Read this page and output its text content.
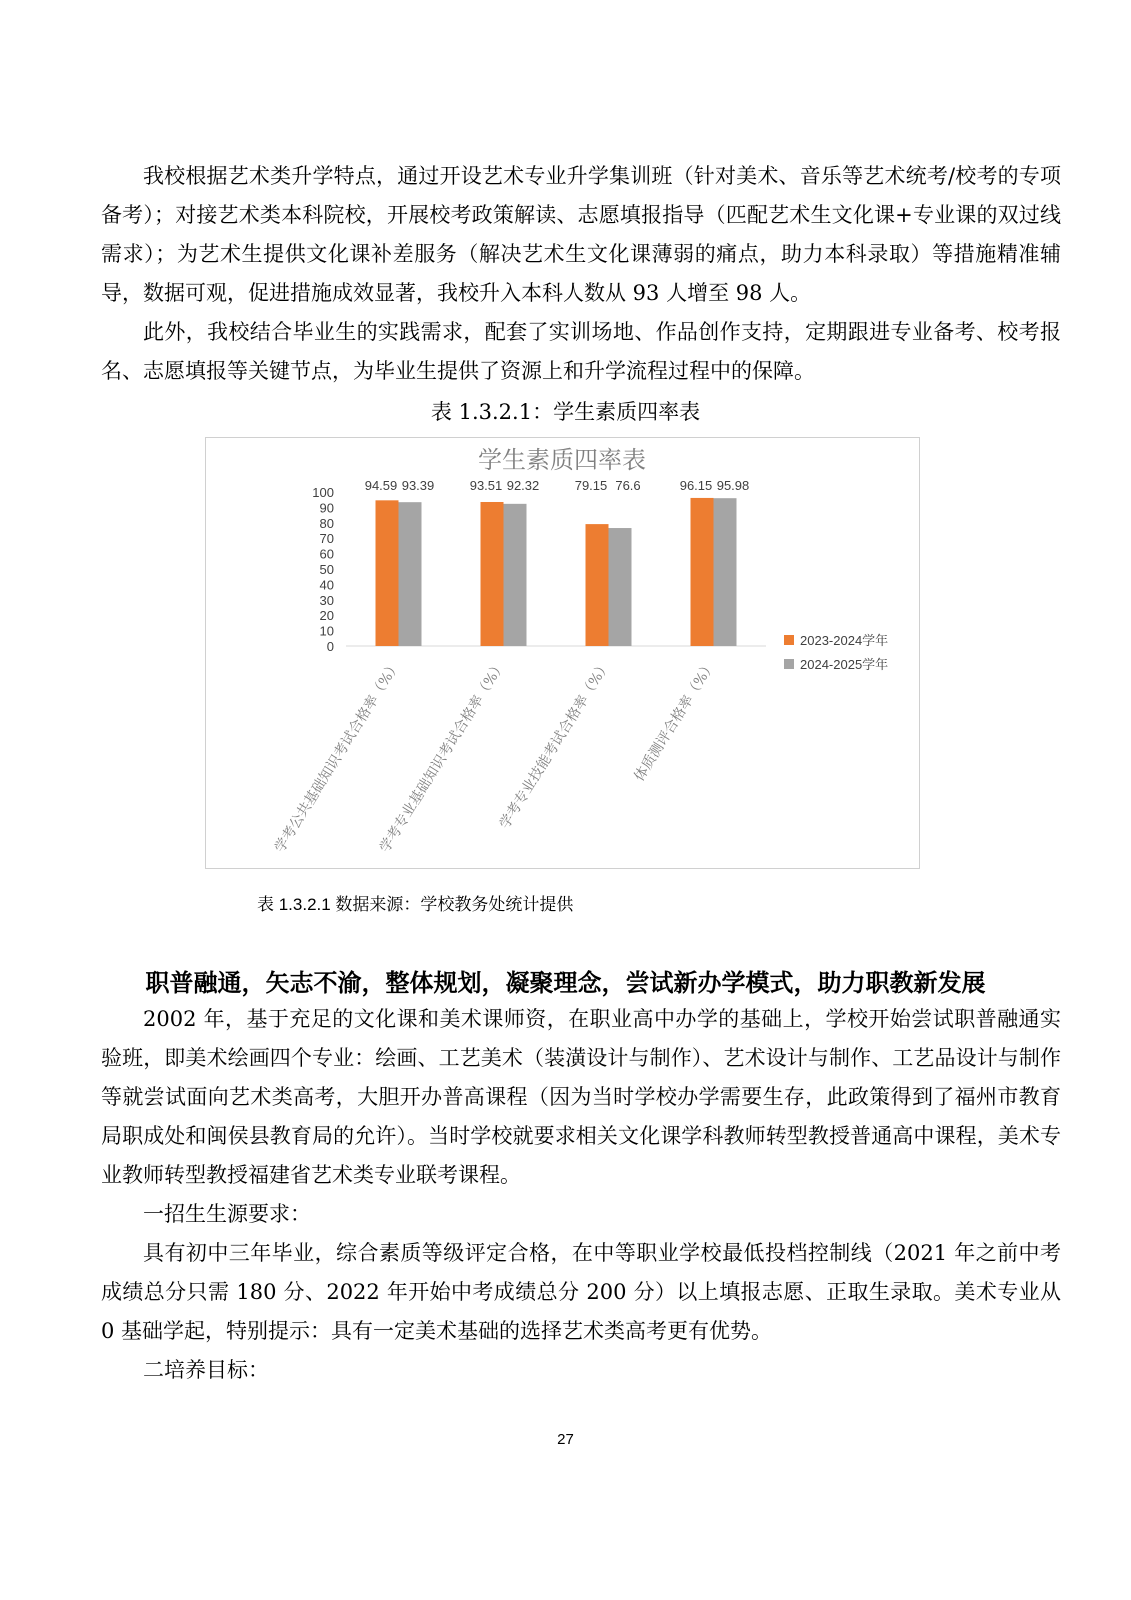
我校根据艺术类升学特点，通过开设艺术专业升学集训班（针对美术、音乐等艺术统考/校考的专项备考）；对接艺术类本科院校，开展校考政策解读、志愿填报指导（匹配艺术生文化课+专业课的双过线需求）；为艺术生提供文化课补差服务（解决艺术生文化课薄弱的痛点，助力本科录取）等措施精准辅导，数据可观，促进措施成效显著，我校升入本科人数从 93 人增至 98 人。

此外，我校结合毕业生的实践需求，配套了实训场地、作品创作支持，定期跟进专业备考、校考报名、志愿填报等关键节点，为毕业生提供了资源上和升学流程过程中的保障。

表 1.3.2.1：学生素质四率表
学生素质四率表
0
10
20
30
40
50
60
70
80
90
100 94.59 93.39
学考公共基础知识考试合格率（%）
93.51 92.32
学考专业基础知识考试合格率（%）
79.15 76.6
学考专业技能考试合格率（%）
96.15 95.98
体质测评合格率（%）
2023-2024学年
2024-2025学年
表 1.3.2.1 数据来源：学校教务处统计提供
职普融通，矢志不渝，整体规划，凝聚理念，尝试新办学模式，助力职教新发展

2002 年，基于充足的文化课和美术课师资，在职业高中办学的基础上，学校开始尝试职普融通实验班，即美术绘画四个专业：绘画、工艺美术（装潢设计与制作）、艺术设计与制作、工艺品设计与制作等就尝试面向艺术类高考，大胆开办普高课程（因为当时学校办学需要生存，此政策得到了福州市教育局职成处和闽侯县教育局的允许）。当时学校就要求相关文化课学科教师转型教授普通高中课程，美术专业教师转型教授福建省艺术类专业联考课程。

一招生生源要求：

具有初中三年毕业，综合素质等级评定合格，在中等职业学校最低投档控制线（2021 年之前中考成绩总分只需 180 分、2022 年开始中考成绩总分 200 分）以上填报志愿、正取生录取。美术专业从 0 基础学起，特别提示：具有一定美术基础的选择艺术类高考更有优势。

二培养目标：

27
